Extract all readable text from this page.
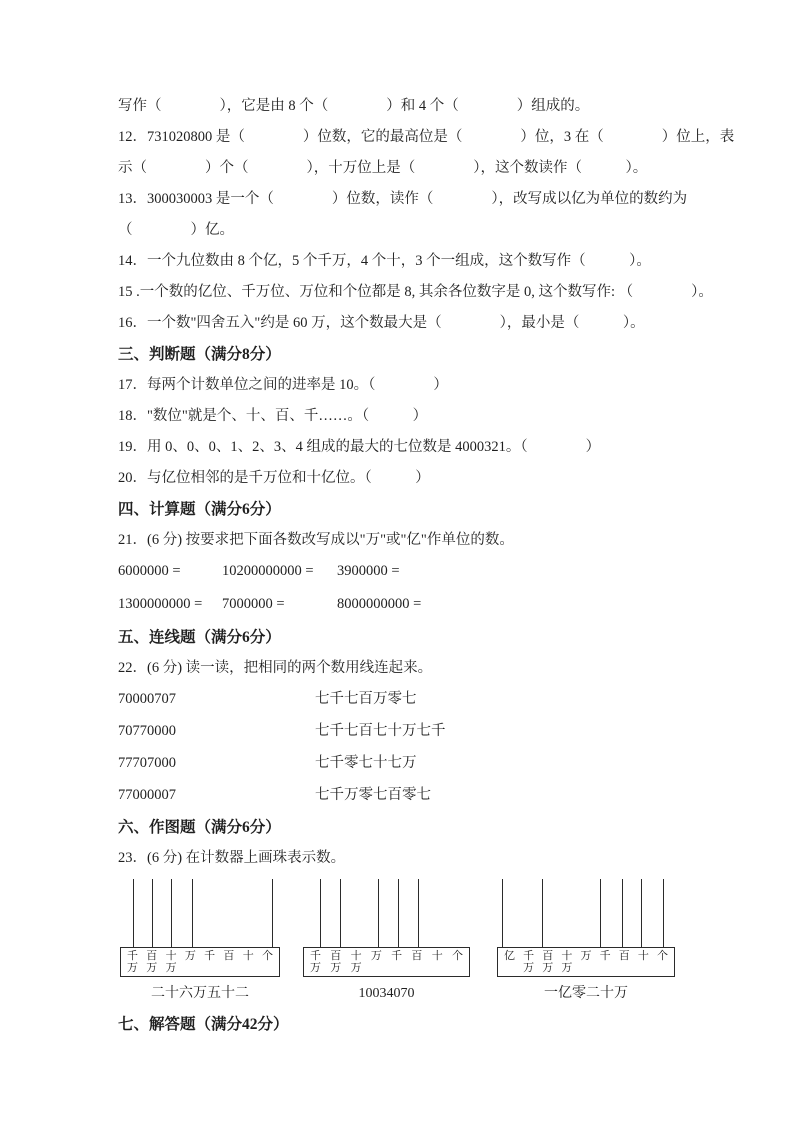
写作（　　　　），它是由 8 个（　　　　）和 4 个（　　　　）组成的。

12．731020800 是（　　　　）位数，它的最高位是（　　　　）位，3 在（　　　　）位上，表

示（　　　　）个（　　　　），十万位上是（　　　　），这个数读作（　　　）。

13．300030003 是一个（　　　　）位数，读作（　　　　），改写成以亿为单位的数约为

（　　　　）亿。

14．一个九位数由 8 个亿，5 个千万，4 个十，3 个一组成，这个数写作（　　　）。

15 .一个数的亿位、千万位、万位和个位都是 8, 其余各位数字是 0, 这个数写作: （　　　　）。

16．一个数"四舍五入"约是 60 万，这个数最大是（　　　　），最小是（　　　）。

三、判断题（满分8分）

17．每两个计数单位之间的进率是 10。（　　　　）

18．"数位"就是个、十、百、千……。（　　　）

19．用 0、0、0、1、2、3、4 组成的最大的七位数是 4000321。（　　　　）

20．与亿位相邻的是千万位和十亿位。（　　　）

四、计算题（满分6分）

21．(6 分) 按要求把下面各数改写成以"万"或"亿"作单位的数。

6000000 =	10200000000 =	3900000 =
1300000000 =	7000000 =	8000000000 =
五、连线题（满分6分）

22．(6 分) 读一读，把相同的两个数用线连起来。

70000707	七千七百万零七
70770000	七千七百七十万七千
77707000	七千零七十七万
77000007	七千万零七百零七
六、作图题（满分6分）

23．(6 分) 在计数器上画珠表示数。

千
万
百
万
十
万
万 千 百 十 个
二十六万五十二
千
万
百
万
十
万
万 千 百 十 个
10034070
亿 千
万
百
万
十
万
万 千 百 十 个
一亿零二十万
七、解答题（满分42分）
